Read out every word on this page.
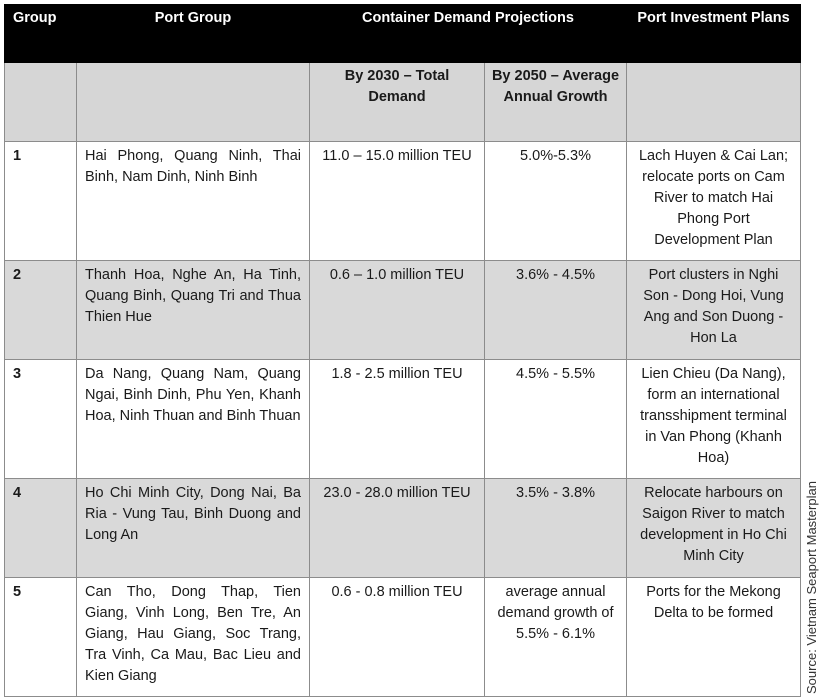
Group	Port Group	Container Demand Projections		Port Investment Plans
		By 2030 – Total Demand	By 2050 – Average Annual Growth	
1	Hai Phong, Quang Ninh, Thai Binh, Nam Dinh, Ninh Binh	11.0 – 15.0 million TEU	5.0%-5.3%	Lach Huyen & Cai Lan; relocate ports on Cam River to match Hai Phong Port Development Plan
2	Thanh Hoa, Nghe An, Ha Tinh, Quang Binh, Quang Tri and Thua Thien Hue	0.6 – 1.0 million TEU	3.6% - 4.5%	Port clusters in Nghi Son - Dong Hoi, Vung Ang and Son Duong - Hon La
3	Da Nang, Quang Nam, Quang Ngai, Binh Dinh, Phu Yen, Khanh Hoa, Ninh Thuan and Binh Thuan	1.8 - 2.5 million TEU	4.5% - 5.5%	Lien Chieu (Da Nang), form an international transshipment terminal in Van Phong (Khanh Hoa)
4	Ho Chi Minh City, Dong Nai, Ba Ria - Vung Tau, Binh Duong and Long An	23.0 - 28.0 million TEU	3.5% - 3.8%	Relocate harbours on Saigon River to match development in Ho Chi Minh City
5	Can Tho, Dong Thap, Tien Giang, Vinh Long, Ben Tre, An Giang, Hau Giang, Soc Trang, Tra Vinh, Ca Mau, Bac Lieu and Kien Giang	0.6 - 0.8 million TEU	average annual demand growth of 5.5% - 6.1%	Ports for the Mekong Delta to be formed Source: Vietnam Seaport Masterplan
